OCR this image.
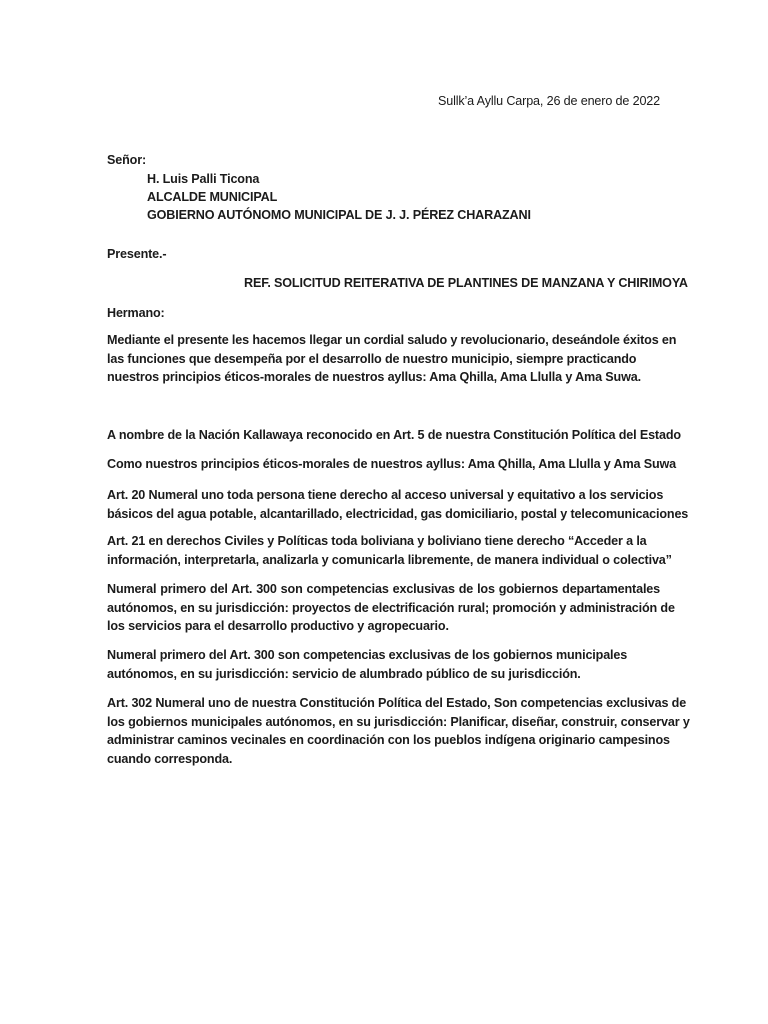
Sullk’a Ayllu Carpa, 26 de enero de 2022
Señor:
H. Luis Palli Ticona
ALCALDE MUNICIPAL
GOBIERNO AUTÓNOMO MUNICIPAL DE J. J. PÉREZ CHARAZANI
Presente.-
REF. SOLICITUD REITERATIVA DE PLANTINES DE MANZANA Y CHIRIMOYA
Hermano:
Mediante el presente les hacemos llegar un cordial saludo y revolucionario, deseándole éxitos en
las funciones que desempeña por el desarrollo de nuestro municipio, siempre practicando
nuestros principios éticos-morales de nuestros ayllus: Ama Qhilla, Ama Llulla y Ama Suwa.
A nombre de la Nación Kallawaya reconocido en Art. 5 de nuestra Constitución Política del Estado
Como nuestros principios éticos-morales de nuestros ayllus: Ama Qhilla, Ama Llulla y Ama Suwa
Art. 20 Numeral uno toda persona tiene derecho al acceso universal y equitativo a los servicios
básicos del agua potable, alcantarillado, electricidad, gas domiciliario, postal y telecomunicaciones
Art. 21 en derechos Civiles y Políticas toda boliviana y boliviano tiene derecho “Acceder a la
información, interpretarla, analizarla y comunicarla libremente, de manera individual o colectiva”
Numeral primero del Art. 300 son competencias exclusivas de los gobiernos departamentales
autónomos, en su jurisdicción: proyectos de electrificación rural; promoción y administración de
los servicios para el desarrollo productivo y agropecuario.
Numeral primero del Art. 300 son competencias exclusivas de los gobiernos municipales
autónomos, en su jurisdicción: servicio de alumbrado público de su jurisdicción.
Art. 302 Numeral uno de nuestra Constitución Política del Estado, Son competencias exclusivas de
los gobiernos municipales autónomos, en su jurisdicción: Planificar, diseñar, construir, conservar y
administrar caminos vecinales en coordinación con los pueblos indígena originario campesinos
cuando corresponda.
